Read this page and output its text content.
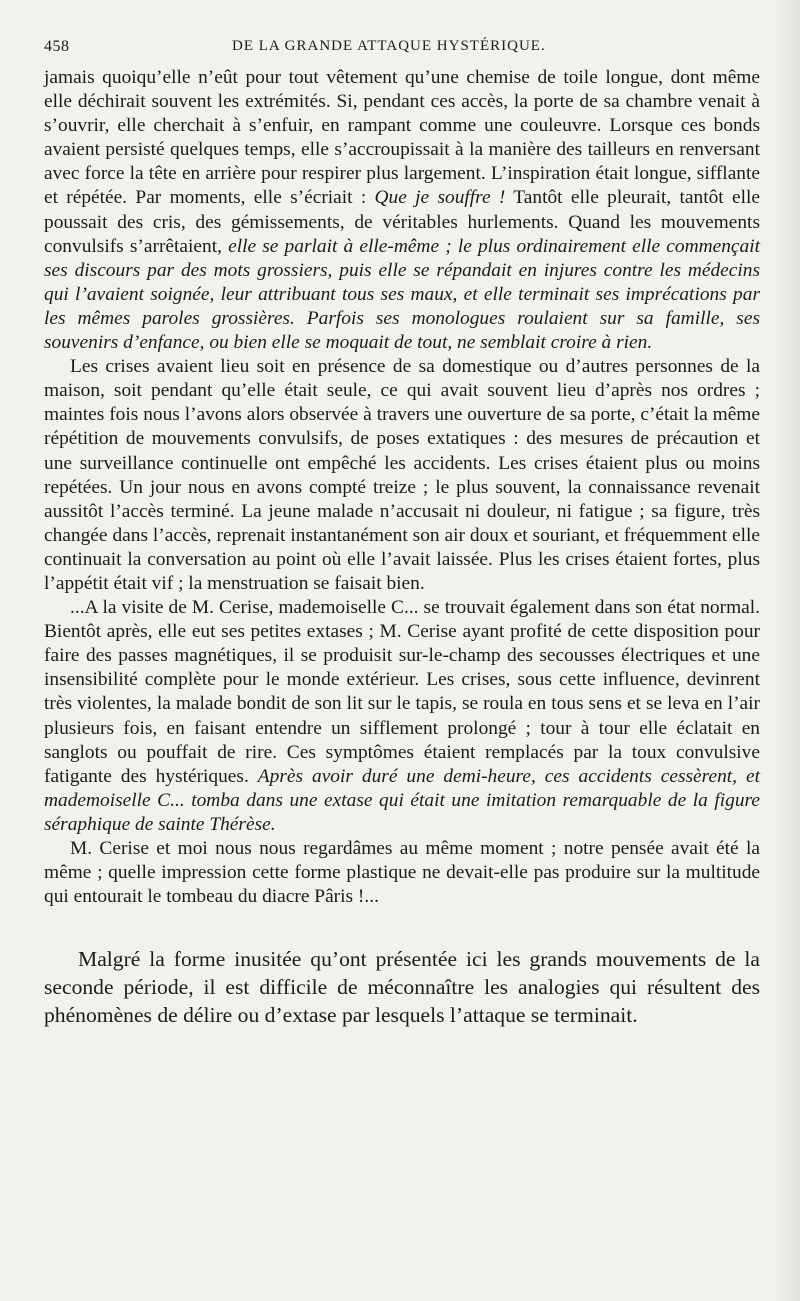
458	DE LA GRANDE ATTAQUE HYSTÉRIQUE.

jamais quoiqu’elle n’eût pour tout vêtement qu’une chemise de toile longue, dont même elle déchirait souvent les extrémités. Si, pendant ces accès, la porte de sa chambre venait à s’ouvrir, elle cherchait à s’enfuir, en rampant comme une couleuvre. Lorsque ces bonds avaient persisté quelques temps, elle s’accroupissait à la manière des tailleurs en renversant avec force la tête en arrière pour respirer plus largement. L’inspiration était longue, sifflante et répétée. Par moments, elle s’écriait : Que je souffre ! Tantôt elle pleurait, tantôt elle poussait des cris, des gémissements, de véritables hurlements. Quand les mouvements convulsifs s’arrêtaient, elle se parlait à elle-même ; le plus ordinairement elle commençait ses discours par des mots grossiers, puis elle se répandait en injures contre les médecins qui l’avaient soignée, leur attribuant tous ses maux, et elle terminait ses imprécations par les mêmes paroles grossières. Parfois ses monologues roulaient sur sa famille, ses souvenirs d’enfance, ou bien elle se moquait de tout, ne semblait croire à rien.

Les crises avaient lieu soit en présence de sa domestique ou d’autres personnes de la maison, soit pendant qu’elle était seule, ce qui avait souvent lieu d’après nos ordres ; maintes fois nous l’avons alors observée à travers une ouverture de sa porte, c’était la même répétition de mouvements convulsifs, de poses extatiques : des mesures de précaution et une surveillance continuelle ont empêché les accidents. Les crises étaient plus ou moins repétées. Un jour nous en avons compté treize ; le plus souvent, la connaissance revenait aussitôt l’accès terminé. La jeune malade n’accusait ni douleur, ni fatigue ; sa figure, très changée dans l’accès, reprenait instantanément son air doux et souriant, et fréquemment elle continuait la conversation au point où elle l’avait laissée. Plus les crises étaient fortes, plus l’appétit était vif ; la menstruation se faisait bien.

...A la visite de M. Cerise, mademoiselle C... se trouvait également dans son état normal. Bientôt après, elle eut ses petites extases ; M. Cerise ayant profité de cette disposition pour faire des passes magnétiques, il se produisit sur-le-champ des secousses électriques et une insensibilité complète pour le monde extérieur. Les crises, sous cette influence, devinrent très violentes, la malade bondit de son lit sur le tapis, se roula en tous sens et se leva en l’air plusieurs fois, en faisant entendre un sifflement prolongé ; tour à tour elle éclatait en sanglots ou pouffait de rire. Ces symptômes étaient remplacés par la toux convulsive fatigante des hystériques. Après avoir duré une demi-heure, ces accidents cessèrent, et mademoiselle C... tomba dans une extase qui était une imitation remarquable de la figure séraphique de sainte Thérèse.

M. Cerise et moi nous nous regardâmes au même moment ; notre pensée avait été la même ; quelle impression cette forme plastique ne devait-elle pas produire sur la multitude qui entourait le tombeau du diacre Pâris !...

Malgré la forme inusitée qu’ont présentée ici les grands mouvements de la seconde période, il est difficile de méconnaître les analogies qui résultent des phénomènes de délire ou d’extase par lesquels l’attaque se terminait.
